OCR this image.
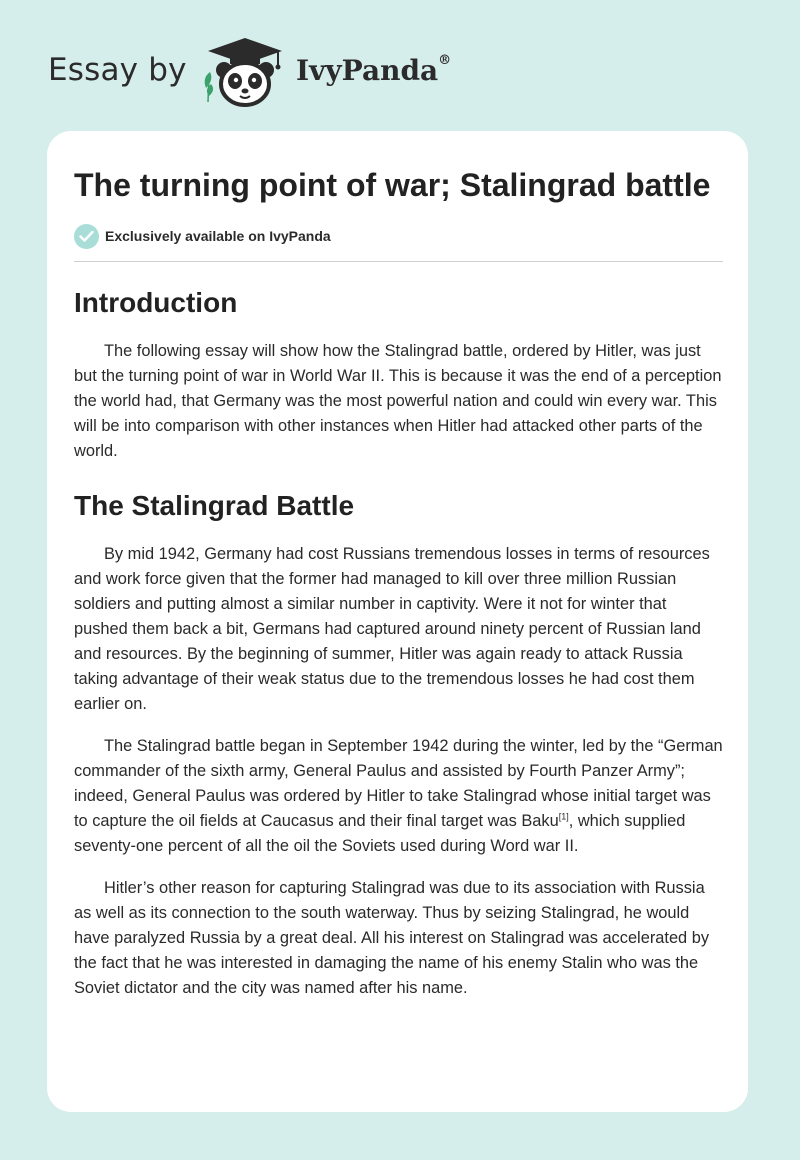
Essay by	IvyPanda®
The turning point of war; Stalingrad battle
Exclusively available on IvyPanda
Introduction

The following essay will show how the Stalingrad battle, ordered by Hitler, was just but the turning point of war in World War II. This is because it was the end of a perception the world had, that Germany was the most powerful nation and could win every war. This will be into comparison with other instances when Hitler had attacked other parts of the world.

The Stalingrad Battle

By mid 1942, Germany had cost Russians tremendous losses in terms of resources and work force given that the former had managed to kill over three million Russian soldiers and putting almost a similar number in captivity. Were it not for winter that pushed them back a bit, Germans had captured around ninety percent of Russian land and resources. By the beginning of summer, Hitler was again ready to attack Russia taking advantage of their weak status due to the tremendous losses he had cost them earlier on.

The Stalingrad battle began in September 1942 during the winter, led by the “German commander of the sixth army, General Paulus and assisted by Fourth Panzer Army”; indeed, General Paulus was ordered by Hitler to take Stalingrad whose initial target was to capture the oil fields at Caucasus and their final target was Baku[1], which supplied seventy-one percent of all the oil the Soviets used during Word war II.

Hitler’s other reason for capturing Stalingrad was due to its association with Russia as well as its connection to the south waterway. Thus by seizing Stalingrad, he would have paralyzed Russia by a great deal. All his interest on Stalingrad was accelerated by the fact that he was interested in damaging the name of his enemy Stalin who was the Soviet dictator and the city was named after his name.
